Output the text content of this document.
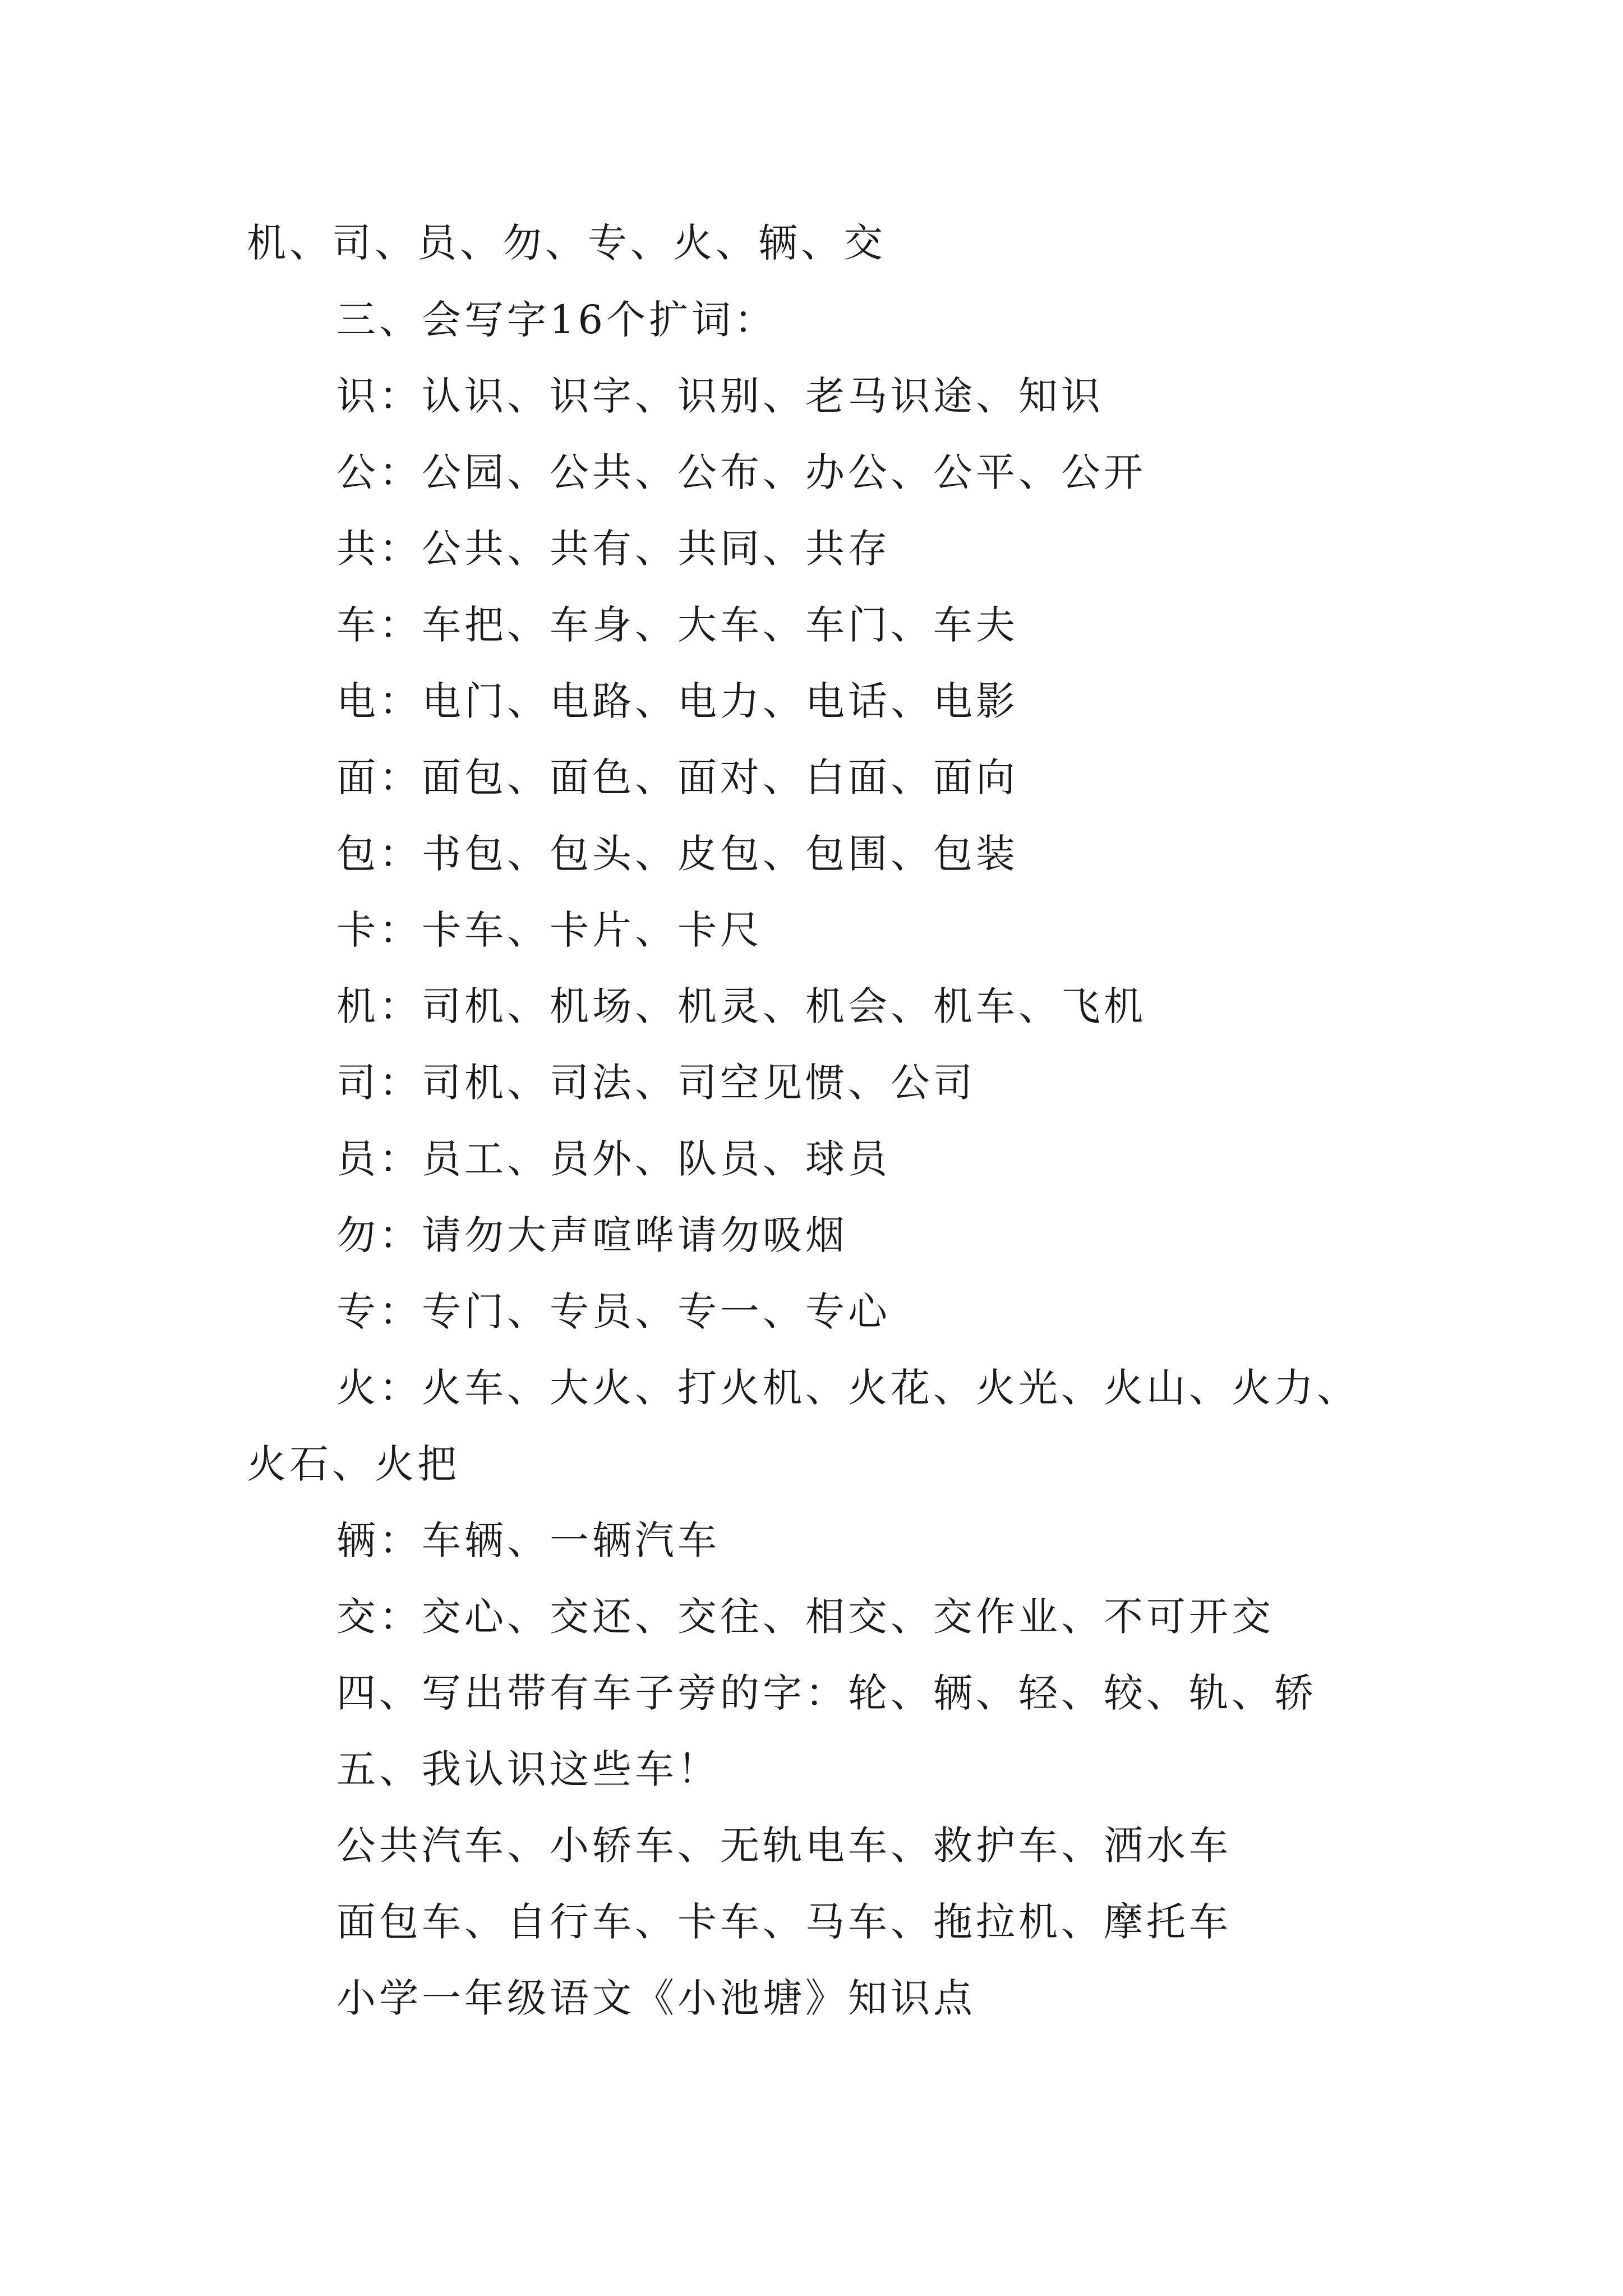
机、司、员、勿、专、火、辆、交
三、会写字16个扩词：
识：认识、识字、识别、老马识途、知识
公：公园、公共、公布、办公、公平、公开
共：公共、共有、共同、共存
车：车把、车身、大车、车门、车夫
电：电门、电路、电力、电话、电影
面：面包、面色、面对、白面、面向
包：书包、包头、皮包、包围、包装
卡：卡车、卡片、卡尺
机：司机、机场、机灵、机会、机车、飞机
司：司机、司法、司空见惯、公司
员：员工、员外、队员、球员
勿：请勿大声喧哗请勿吸烟
专：专门、专员、专一、专心
火：火车、大火、打火机、火花、火光、火山、火力、
火石、火把
辆：车辆、一辆汽车
交：交心、交还、交往、相交、交作业、不可开交
四、写出带有车子旁的字：轮、辆、轻、较、轨、轿
五、我认识这些车！
公共汽车、小轿车、无轨电车、救护车、洒水车
面包车、自行车、卡车、马车、拖拉机、摩托车
小学一年级语文《小池塘》知识点
